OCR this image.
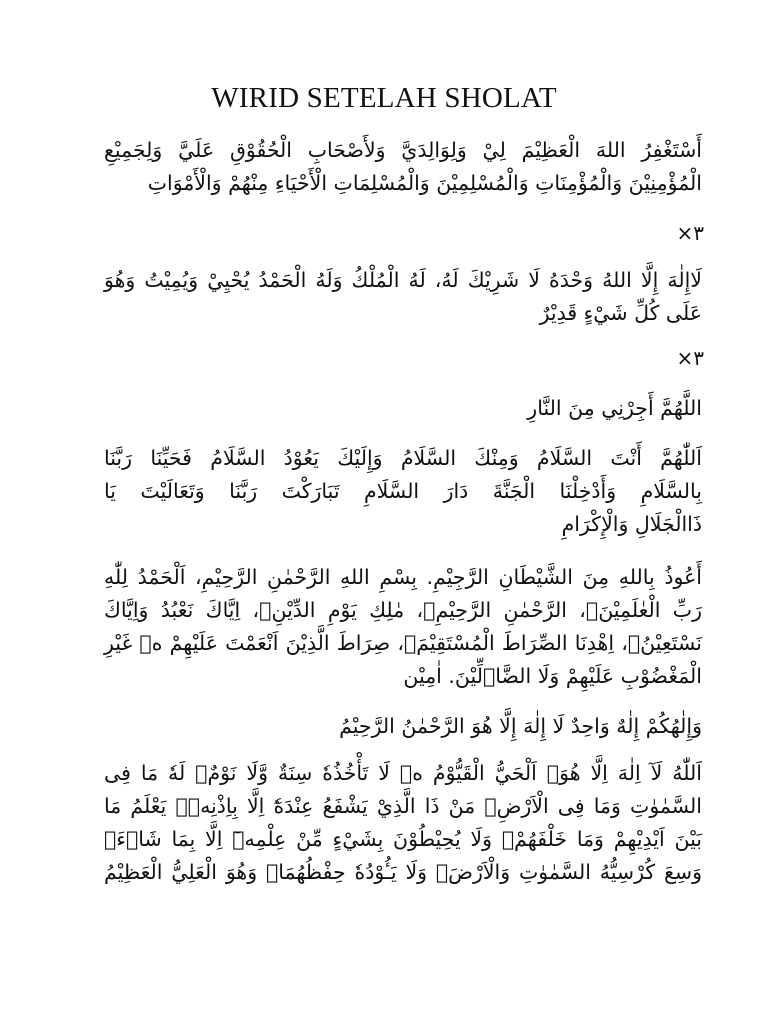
WIRID SETELAH SHOLAT
أَسْتَغْفِرُ اللهَ الْعَظِيْمَ لِيْ وَلِوَالِدَيَّ وَلأَصْحَابِ الْحُقُوْقِ عَلَيَّ وَلِجَمِيْعِ
الْمُؤْمِنِيْنَ وَالْمُؤْمِنَاتِ وَالْمُسْلِمِيْنَ وَالْمُسْلِمَاتِ الْأَحْيَاءِ مِنْهُمْ وَالْأَمْوَاتِ
×٣
لَاإِلٰهَ إِلَّا اللهُ وَحْدَهُ لَا شَرِيْكَ لَهُ، لَهُ الْمُلْكُ وَلَهُ الْحَمْدُ يُحْيِيْ وَيُمِيْتُ وَهُوَ
عَلَى كُلِّ شَيْءٍ قَدِيْرٌ
×٣
اللَّهُمَّ أَجِرْنِي مِنَ النَّارِ
اَللّٰهُمَّ أَنْتَ السَّلَامُ وَمِنْكَ السَّلَامُ وَإِلَيْكَ يَعُوْدُ السَّلَامُ فَحَيِّنَا رَبَّنَا
بِالسَّلَامِ وَأَدْخِلْنَا الْجَنَّةَ دَارَ السَّلَامِ تَبَارَكْتَ رَبَّنَا وَتَعَالَيْتَ يَا
ذَاالْجَلَالِ وَالْإِكْرَامِ
أَعُوذُ بِاللهِ مِنَ الشَّيْطَانِ الرَّجِيْمِ. بِسْمِ اللهِ الرَّحْمٰنِ الرَّحِيْمِ، اَلْحَمْدُ لِلّٰهِ
رَبِّ الْعٰلَمِيْنَۙ، الرَّحْمٰنِ الرَّحِيْمِۙ، مٰلِكِ يَوْمِ الدِّيْنِۗ، اِيَّاكَ نَعْبُدُ وَاِيَّاكَ
نَسْتَعِيْنُۗ، اِهْدِنَا الصِّرَاطَ الْمُسْتَقِيْمَۙ، صِرَاطَ الَّذِيْنَ اَنْعَمْتَ عَلَيْهِمْ ەۙ غَيْرِ
الْمَغْضُوْبِ عَلَيْهِمْ وَلَا الضَّاۤلِّيْنَ. اٰمِيْن
وَإِلٰهُكُمْ إِلٰهٌ وَاحِدٌ لَا إِلٰهَ إِلَّا هُوَ الرَّحْمٰنُ الرَّحِيْمُ
اَللّٰهُ لَآ اِلٰهَ اِلَّا هُوَۚ اَلْحَيُّ الْقَيُّوْمُ ەۚ لَا تَأْخُذُهٗ سِنَةٌ وَّلَا نَوْمٌۗ لَهٗ مَا فِى
السَّمٰوٰتِ وَمَا فِى الْاَرْضِۗ مَنْ ذَا الَّذِيْ يَشْفَعُ عِنْدَهٗٓ اِلَّا بِاِذْنِهٖۗ يَعْلَمُ مَا
بَيْنَ اَيْدِيْهِمْ وَمَا خَلْفَهُمْۚ وَلَا يُحِيْطُوْنَ بِشَيْءٍ مِّنْ عِلْمِهٖٓ اِلَّا بِمَا شَاۤءَۚ
وَسِعَ كُرْسِيُّهُ السَّمٰوٰتِ وَالْاَرْضَۚ وَلَا يَـُٔوْدُهٗ حِفْظُهُمَاۚ وَهُوَ الْعَلِيُّ الْعَظِيْمُ
